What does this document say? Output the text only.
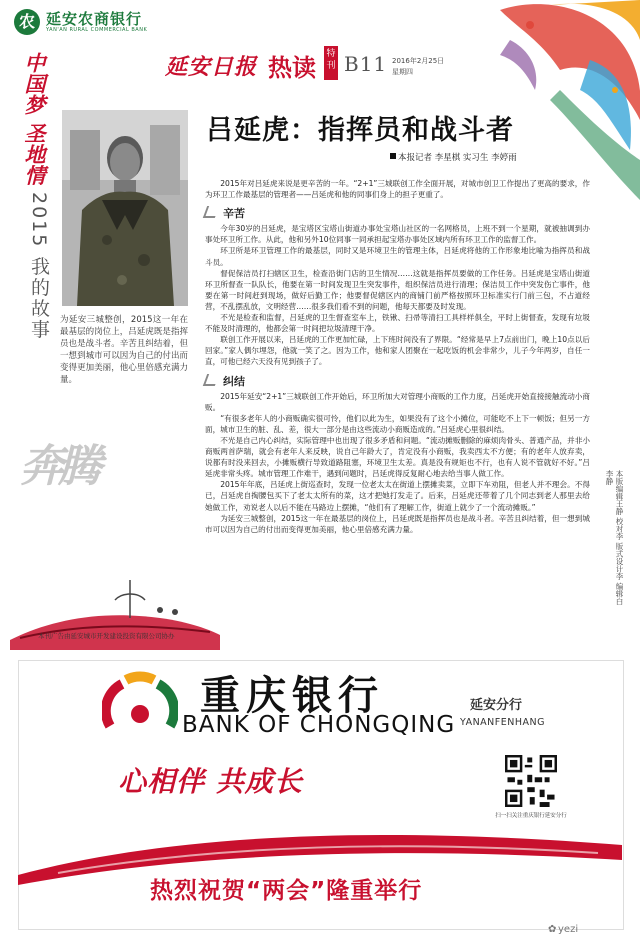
农 延安农商银行
YAN'AN RURAL COMMERCIAL BANK
延安日报 热读 特刊 B11 2016年2月25日
星期四
中国梦 圣地情
2015 我的故事	为延安三城整创，2015这一年在最基层的岗位上，吕延虎既是指挥员也是战斗者。辛苦且纠结着，但一想到城市可以因为自己的付出而变得更加美丽，他心里倍感充满力量。
奔腾
本刊广告由延安城市开发建设投资有限公司协办
吕延虎：指挥员和战斗者
本报记者 李星棋 实习生 李婷雨

2015年对吕延虎来说是更辛苦的一年。“2+1”三城联创工作全面开展，对城市创卫工作提出了更高的要求，作为环卫工作最基层的管理者——吕延虎和他的同事们身上的担子更重了。

辛苦

今年30岁的吕延虎，是宝塔区宝塔山街道办事处宝塔山社区的一名网格员，上班不到一个星期，就被抽调到办事处环卫所工作。从此，他和另外10位同事一同承担起宝塔办事处区域内所有环卫工作的监督工作。

环卫所是环卫管理工作的最基层，同时又是环境卫生的管理主体，吕延虎将他的工作形象地比喻为指挥员和战斗员。

督促保洁员打扫辖区卫生，检查沿街门店的卫生情况……这就是指挥员要做的工作任务。吕延虎是宝塔山街道环卫所督查一队队长，他要在第一时间发现卫生突发事件，组织保洁员进行清理；保洁员工作中突发伤亡事件，他要在第一时间赶到现场，做好后勤工作；他要督促辖区内的商铺门前严格按照环卫标准实行门前三包，不占道经营，不乱摆乱放，文明经营……很多我们看不到的问题，他每天都要及时发现。

不光是检查和监督，吕延虎的卫生督查室车上，铁锹、扫帚等清扫工具样样俱全，平时上街督查，发现有垃圾不能及时清理的，他都会第一时间把垃圾清理干净。

联创工作开展以来，吕延虎的工作更加忙碌，上下班时间没有了界限。“经常是早上7点前出门，晚上10点以后回家。”家人偶尔埋怨，他就一笑了之。因为工作，他和家人团聚在一起吃饭的机会非常少，儿子今年两岁，自任一直，可他已经六天没有见到孩子了。

纠结

2015年延安“2+1”三城联创工作开始后，环卫所加大对管理小商贩的工作力度，吕延虎开始直接接触流动小商贩。

“有很多老年人的小商贩确实很可怜，他们以此为生，如果没有了这个小摊位，可能吃不上下一顿饭；但另一方面，城市卫生的脏、乱、差，很大一部分是由这些流动小商贩造成的。”吕延虎心里很纠结。

不光是自己内心纠结，实际管理中也出现了很多矛盾和问题。“流动摊贩删除的麻烦肉骨头、普通产品，并非小商贩两首萨瑞，就会有老年人来反映，说自己年龄大了，肯定没有小商贩，我卖西太不方便；有的老年人放弃卖，说都有时没来回去，小摊贩横行导致道路阻塞，环境卫生太差。真是没有规矩也不行，也有人说不管就好不好。”吕延虎非常头疼。城市管理工作难干，遇到问题时，吕延虎得反复耐心地去给当事人做工作。

2015年年底，吕延虎上街巡查时，发现一位老太太在街道上摆摊卖菜，立即下车劝阻，但老人并不理会。不得已，吕延虎自掏腰包买下了老太太所有的菜，这才把她打发走了。后来，吕延虎还带着了几个同志到老人那里去给她做工作，劝说老人以后不能在马路边上摆摊，“他们有了理解工作，街道上就少了一个流动摊贩。”

为延安三城整创，2015这一年在最基层的岗位上，吕延虎既是指挥员也是战斗者。辛苦且纠结着，但一想到城市可以因为自己的付出而变得更加美丽，他心里倍感充满力量。	本版编辑王静 校对李 版式设计李 编辑白 李静
重庆银行
BANK OF CHONGQING
延安分行
YANANFENHANG
心相伴 共成长
扫一扫关注重庆银行延安分行
热烈祝贺“两会”隆重举行
✿ yezi
